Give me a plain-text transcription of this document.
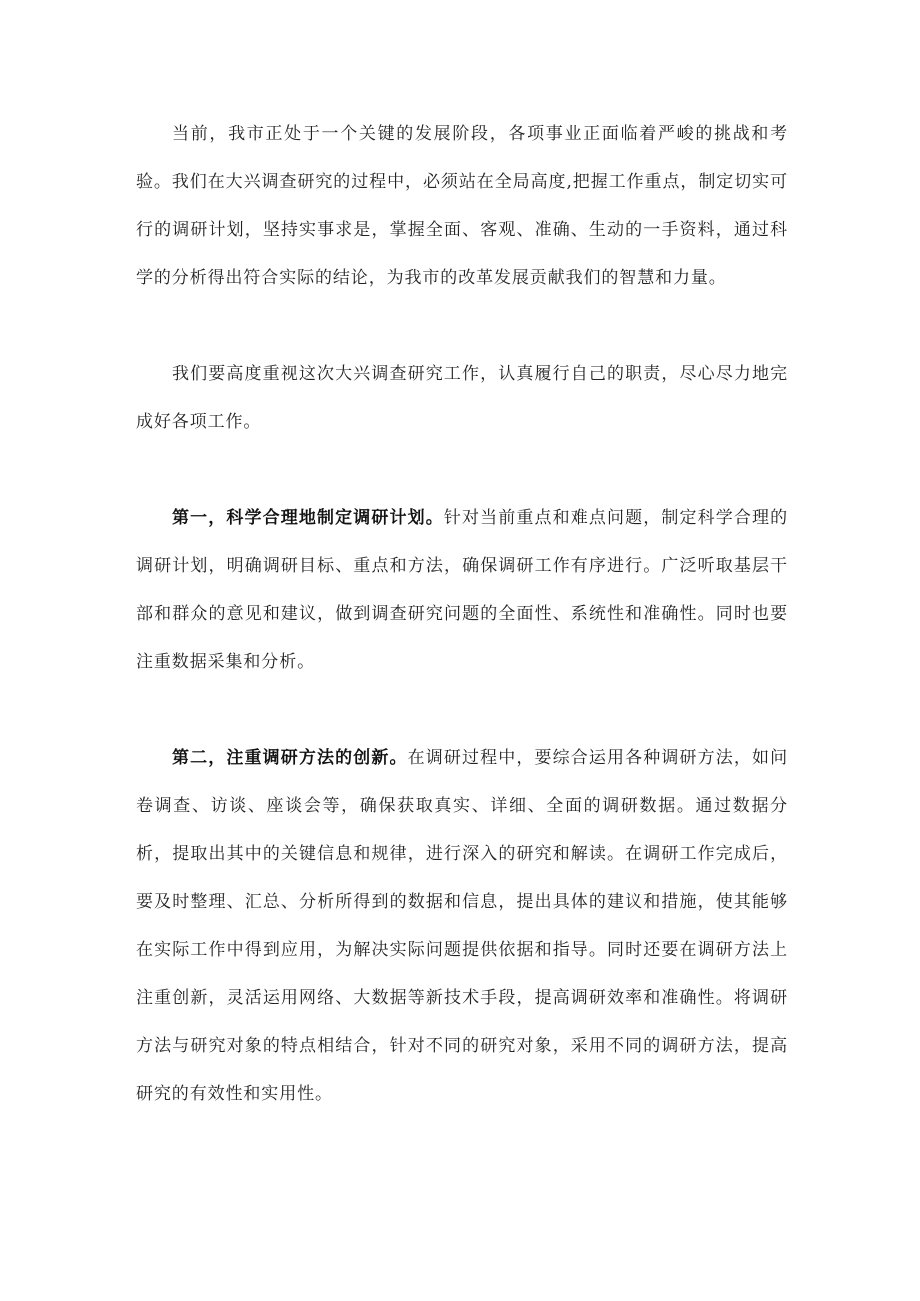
当前，我市正处于一个关键的发展阶段，各项事业正面临着严峻的挑战和考验。我们在大兴调查研究的过程中，必须站在全局高度,把握工作重点，制定切实可行的调研计划，坚持实事求是，掌握全面、客观、准确、生动的一手资料，通过科学的分析得出符合实际的结论，为我市的改革发展贡献我们的智慧和力量。

我们要高度重视这次大兴调查研究工作，认真履行自己的职责，尽心尽力地完成好各项工作。

第一，科学合理地制定调研计划。针对当前重点和难点问题，制定科学合理的调研计划，明确调研目标、重点和方法，确保调研工作有序进行。广泛听取基层干部和群众的意见和建议，做到调查研究问题的全面性、系统性和准确性。同时也要注重数据采集和分析。

第二，注重调研方法的创新。在调研过程中，要综合运用各种调研方法，如问卷调查、访谈、座谈会等，确保获取真实、详细、全面的调研数据。通过数据分析，提取出其中的关键信息和规律，进行深入的研究和解读。在调研工作完成后，要及时整理、汇总、分析所得到的数据和信息，提出具体的建议和措施，使其能够在实际工作中得到应用，为解决实际问题提供依据和指导。同时还要在调研方法上注重创新，灵活运用网络、大数据等新技术手段，提高调研效率和准确性。将调研方法与研究对象的特点相结合，针对不同的研究对象，采用不同的调研方法，提高研究的有效性和实用性。
